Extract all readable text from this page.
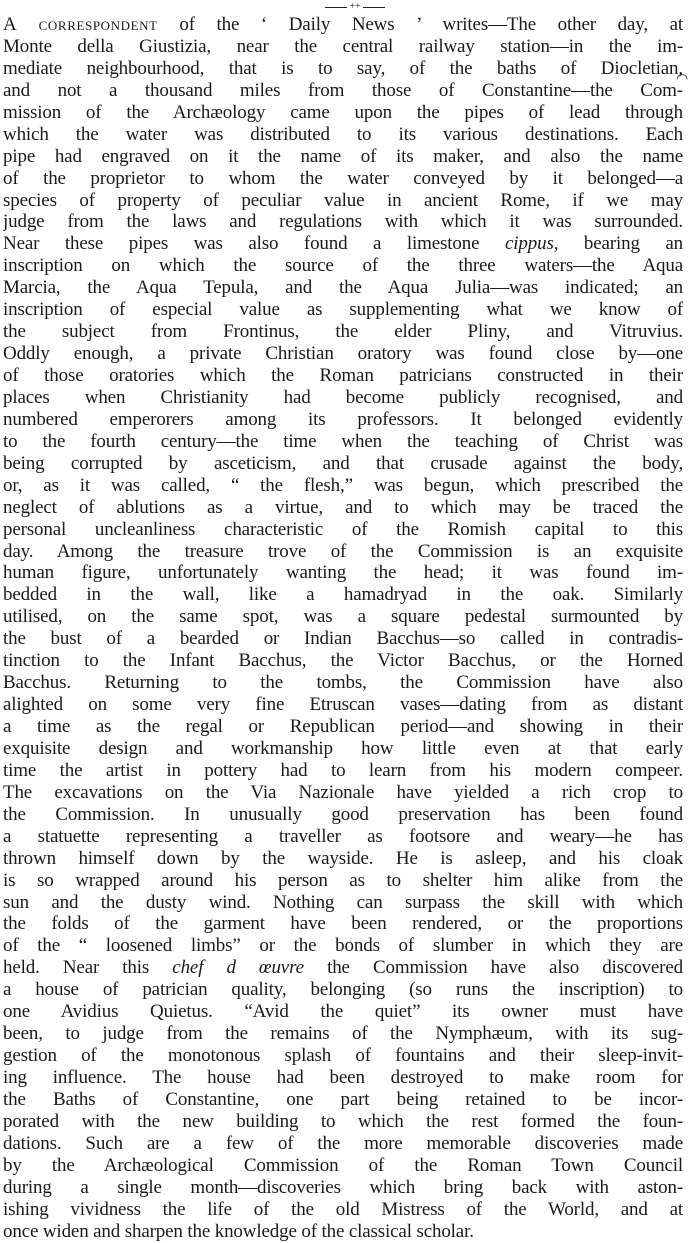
++
A correspondent of the ‘ Daily News ’ writes—The other day, at
Monte della Giustizia, near the central railway station—in the im-
mediate neighbourhood, that is to say, of the baths of Diocletian,
and not a thousand miles from those of Constantine—the Com-
mission of the Archæology came upon the pipes of lead through
which the water was distributed to its various destinations. Each
pipe had engraved on it the name of its maker, and also the name
of the proprietor to whom the water conveyed by it belonged—a
species of property of peculiar value in ancient Rome, if we may
judge from the laws and regulations with which it was surrounded.
Near these pipes was also found a limestone cippus, bearing an
inscription on which the source of the three waters—the Aqua
Marcia, the Aqua Tepula, and the Aqua Julia—was indicated; an
inscription of especial value as supplementing what we know of
the subject from Frontinus, the elder Pliny, and Vitruvius.
Oddly enough, a private Christian oratory was found close by—one
of those oratories which the Roman patricians constructed in their
places when Christianity had become publicly recognised, and
numbered emperorers among its professors. It belonged evidently
to the fourth century—the time when the teaching of Christ was
being corrupted by asceticism, and that crusade against the body,
or, as it was called, “ the flesh,” was begun, which prescribed the
neglect of ablutions as a virtue, and to which may be traced the
personal uncleanliness characteristic of the Romish capital to this
day. Among the treasure trove of the Commission is an exquisite
human figure, unfortunately wanting the head; it was found im-
bedded in the wall, like a hamadryad in the oak. Similarly
utilised, on the same spot, was a square pedestal surmounted by
the bust of a bearded or Indian Bacchus—so called in contradis-
tinction to the Infant Bacchus, the Victor Bacchus, or the Horned
Bacchus. Returning to the tombs, the Commission have also
alighted on some very fine Etruscan vases—dating from as distant
a time as the regal or Republican period—and showing in their
exquisite design and workmanship how little even at that early
time the artist in pottery had to learn from his modern compeer.
The excavations on the Via Nazionale have yielded a rich crop to
the Commission. In unusually good preservation has been found
a statuette representing a traveller as footsore and weary—he has
thrown himself down by the wayside. He is asleep, and his cloak
is so wrapped around his person as to shelter him alike from the
sun and the dusty wind. Nothing can surpass the skill with which
the folds of the garment have been rendered, or the proportions
of the “ loosened limbs” or the bonds of slumber in which they are
held. Near this chef d œuvre the Commission have also discovered
a house of patrician quality, belonging (so runs the inscription) to
one Avidius Quietus. “Avid the quiet” its owner must have
been, to judge from the remains of the Nymphæum, with its sug-
gestion of the monotonous splash of fountains and their sleep-invit-
ing influence. The house had been destroyed to make room for
the Baths of Constantine, one part being retained to be incor-
porated with the new building to which the rest formed the foun-
dations. Such are a few of the more memorable discoveries made
by the Archæological Commission of the Roman Town Council
during a single month—discoveries which bring back with aston-
ishing vividness the life of the old Mistress of the World, and at
once widen and sharpen the knowledge of the classical scholar.
◠
